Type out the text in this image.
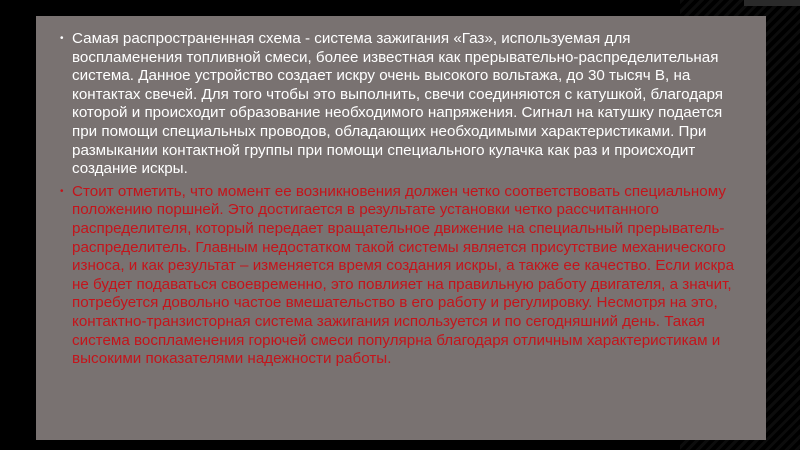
• Самая распространенная схема - система зажигания «Газ», используемая для воспламенения топливной смеси, более известная как прерывательно-распределительная система. Данное устройство создает искру очень высокого вольтажа, до 30 тысяч В, на контактах свечей. Для того чтобы это выполнить, свечи соединяются с катушкой, благодаря которой и происходит образование необходимого напряжения. Сигнал на катушку подается при помощи специальных проводов, обладающих необходимыми характеристиками. При размыкании контактной группы при помощи специального кулачка как раз и происходит создание искры.

• Стоит отметить, что момент ее возникновения должен четко соответствовать специальному положению поршней. Это достигается в результате установки четко рассчитанного распределителя, который передает вращательное движение на специальный прерыватель-распределитель. Главным недостатком такой системы является присутствие механического износа, и как результат – изменяется время создания искры, а также ее качество. Если искра не будет подаваться своевременно, это повлияет на правильную работу двигателя, а значит, потребуется довольно частое вмешательство в его работу и регулировку. Несмотря на это, контактно-транзисторная система зажигания используется и по сегодняшний день. Такая система воспламенения горючей смеси популярна благодаря отличным характеристикам и высокими показателями надежности работы.
